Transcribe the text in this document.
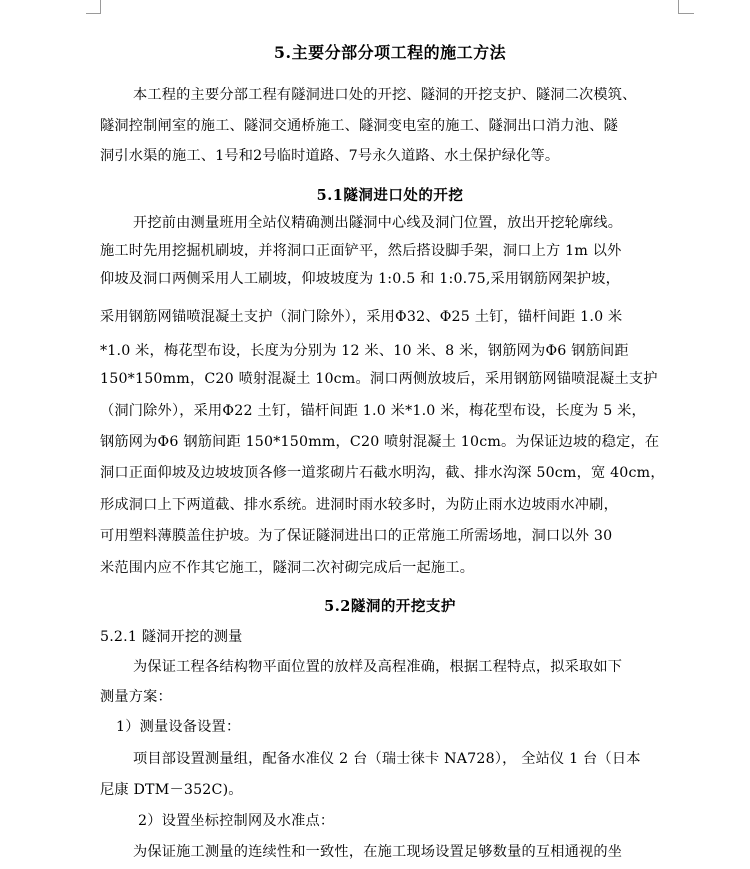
5.主要分部分项工程的施工方法
本工程的主要分部工程有隧洞进口处的开挖、隧洞的开挖支护、隧洞二次模筑、
隧洞控制闸室的施工、隧洞交通桥施工、隧洞变电室的施工、隧洞出口消力池、隧
洞引水渠的施工、1号和2号临时道路、7号永久道路、水土保护绿化等。
5.1隧洞进口处的开挖
开挖前由测量班用全站仪精确测出隧洞中心线及洞门位置，放出开挖轮廓线。
施工时先用挖掘机刷坡，并将洞口正面铲平，然后搭设脚手架，洞口上方 1m 以外
仰坡及洞口两侧采用人工刷坡，仰坡坡度为 1:0.5 和 1:0.75,采用钢筋网架护坡，
采用钢筋网锚喷混凝土支护（洞门除外），采用Φ32、Φ25 土钉，锚杆间距 1.0 米
*1.0 米，梅花型布设，长度为分别为 12 米、10 米、8 米，钢筋网为Φ6 钢筋间距
150*150mm，C20 喷射混凝土 10cm。洞口两侧放坡后，采用钢筋网锚喷混凝土支护
（洞门除外），采用Φ22 土钉，锚杆间距 1.0 米*1.0 米，梅花型布设，长度为 5 米，
钢筋网为Φ6 钢筋间距 150*150mm，C20 喷射混凝土 10cm。为保证边坡的稳定，在
洞口正面仰坡及边坡坡顶各修一道浆砌片石截水明沟，截、排水沟深 50cm，宽 40cm，
形成洞口上下两道截、排水系统。进洞时雨水较多时，为防止雨水边坡雨水冲刷，
可用塑料薄膜盖住护坡。为了保证隧洞进出口的正常施工所需场地，洞口以外 30
米范围内应不作其它施工，隧洞二次衬砌完成后一起施工。
5.2隧洞的开挖支护
5.2.1 隧洞开挖的测量
为保证工程各结构物平面位置的放样及高程准确，根据工程特点，拟采取如下
测量方案：
1）测量设备设置：
项目部设置测量组，配备水准仪 2 台（瑞士徕卡 NA728）， 全站仪 1 台（日本
尼康 DTM－352C)。
2）设置坐标控制网及水准点：
为保证施工测量的连续性和一致性，在施工现场设置足够数量的互相通视的坐
